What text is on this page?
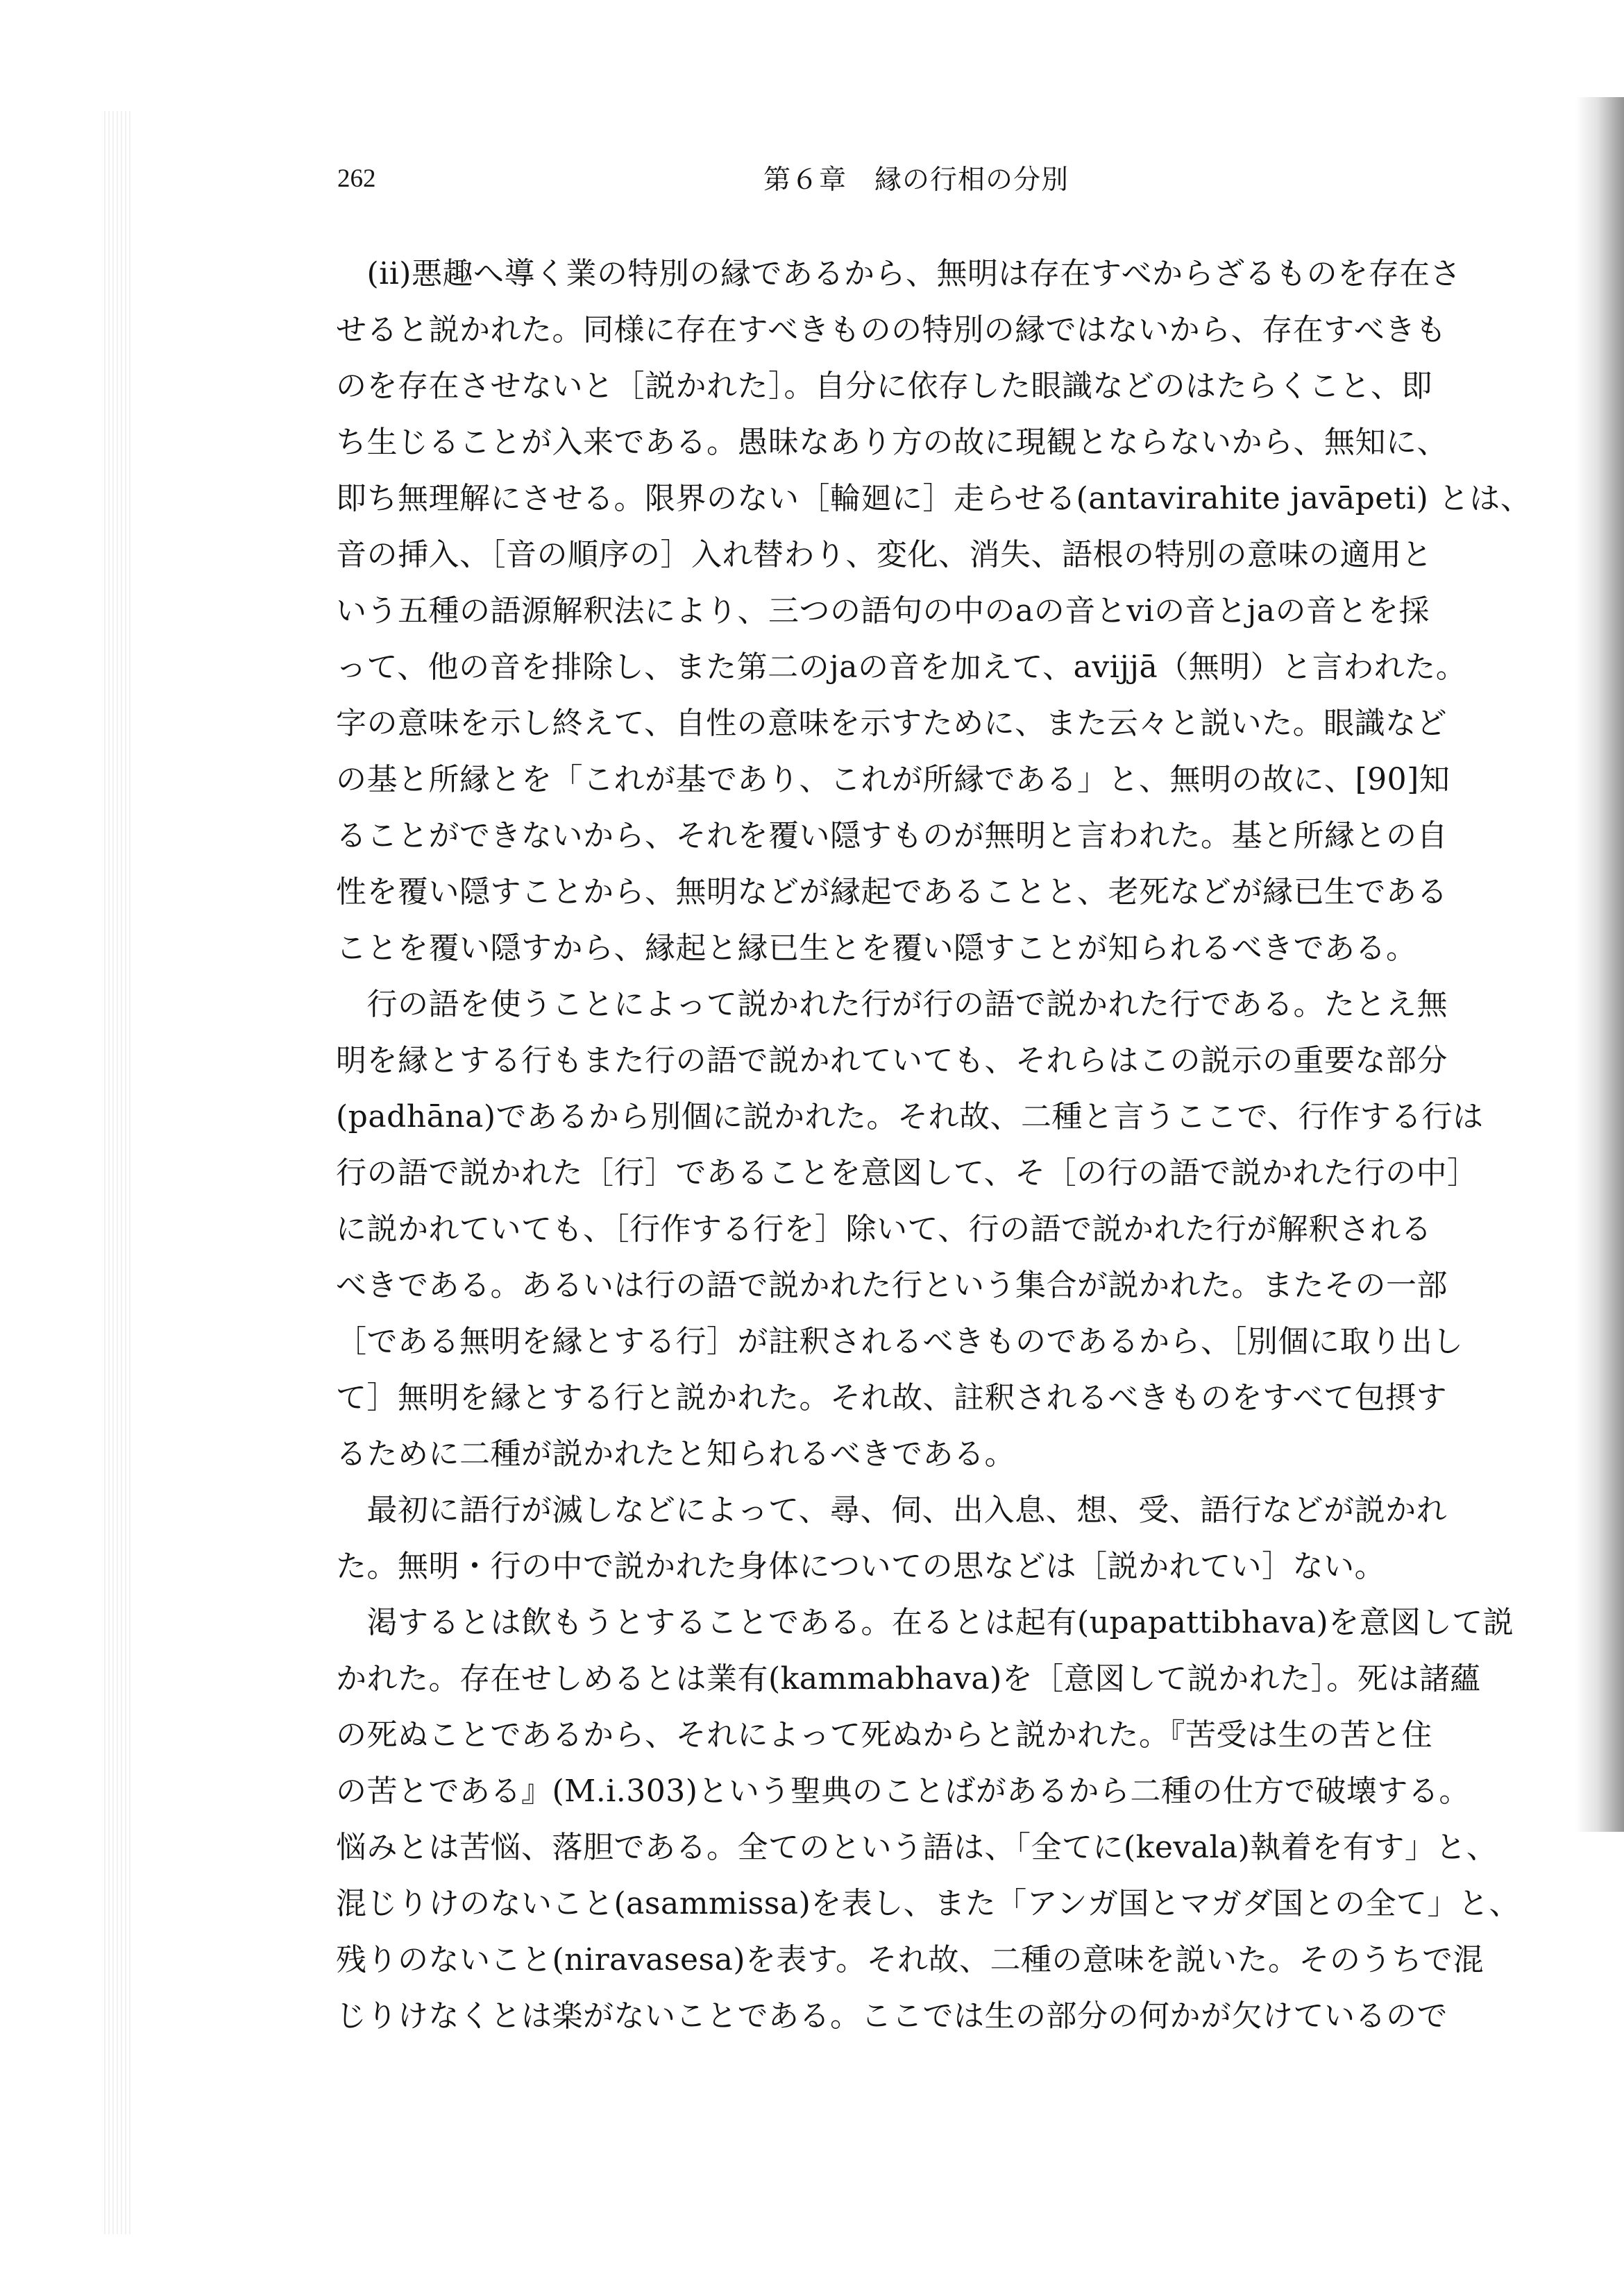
262	第６章　縁の行相の分別
　(ii)悪趣へ導く業の特別の縁であるから、無明は存在すべからざるものを存在さ
せると説かれた。同様に存在すべきものの特別の縁ではないから、存在すべきも
のを存在させないと［説かれた］。自分に依存した眼識などのはたらくこと、即
ち生じることが入来である。愚昧なあり方の故に現観とならないから、無知に、
即ち無理解にさせる。限界のない［輪廻に］走らせる(antavirahite javāpeti) とは、
音の挿入、［音の順序の］入れ替わり、変化、消失、語根の特別の意味の適用と
いう五種の語源解釈法により、三つの語句の中のaの音とviの音とjaの音とを採
って、他の音を排除し、また第二のjaの音を加えて、avijjā（無明）と言われた。
字の意味を示し終えて、自性の意味を示すために、また云々と説いた。眼識など
の基と所縁とを「これが基であり、これが所縁である」と、無明の故に、[90]知
ることができないから、それを覆い隠すものが無明と言われた。基と所縁との自
性を覆い隠すことから、無明などが縁起であることと、老死などが縁已生である
ことを覆い隠すから、縁起と縁已生とを覆い隠すことが知られるべきである。
　行の語を使うことによって説かれた行が行の語で説かれた行である。たとえ無
明を縁とする行もまた行の語で説かれていても、それらはこの説示の重要な部分
(padhāna)であるから別個に説かれた。それ故、二種と言うここで、行作する行は
行の語で説かれた［行］であることを意図して、そ［の行の語で説かれた行の中］
に説かれていても、［行作する行を］除いて、行の語で説かれた行が解釈される
べきである。あるいは行の語で説かれた行という集合が説かれた。またその一部
［である無明を縁とする行］が註釈されるべきものであるから、［別個に取り出し
て］無明を縁とする行と説かれた。それ故、註釈されるべきものをすべて包摂す
るために二種が説かれたと知られるべきである。
　最初に語行が滅しなどによって、尋、伺、出入息、想、受、語行などが説かれ
た。無明・行の中で説かれた身体についての思などは［説かれてい］ない。
　渇するとは飲もうとすることである。在るとは起有(upapattibhava)を意図して説
かれた。存在せしめるとは業有(kammabhava)を［意図して説かれた］。死は諸蘊
の死ぬことであるから、それによって死ぬからと説かれた。『苦受は生の苦と住
の苦とである』(M.i.303)という聖典のことばがあるから二種の仕方で破壊する。
悩みとは苦悩、落胆である。全てのという語は、「全てに(kevala)執着を有す」と、
混じりけのないこと(asammissa)を表し、また「アンガ国とマガダ国との全て」と、
残りのないこと(niravasesa)を表す。それ故、二種の意味を説いた。そのうちで混
じりけなくとは楽がないことである。ここでは生の部分の何かが欠けているので
